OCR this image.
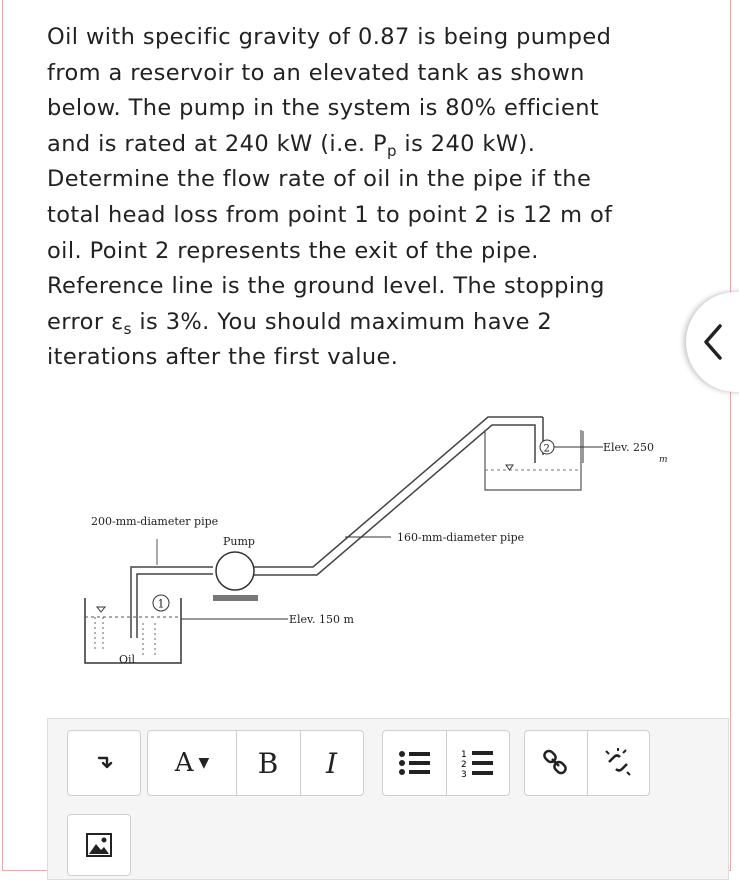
Oil with specific gravity of 0.87 is being pumped
from a reservoir to an elevated tank as shown
below. The pump in the system is 80% efficient
and is rated at 240 kW (i.e. $P_p$ is 240 kW).
Determine the flow rate of oil in the pipe if the
total head loss from point 1 to point 2 is 12 m of
oil. Point 2 represents the exit of the pipe.
Reference line is the ground level. The stopping
error $\varepsilon_s$ is 3%. You should maximum have 2
iterations after the first value.
2
1
Elev. 250
m
Elev. 150 m
200-mm-diameter pipe
160-mm-diameter pipe
Pump
Oil
A ▼ B I	1
2
3
